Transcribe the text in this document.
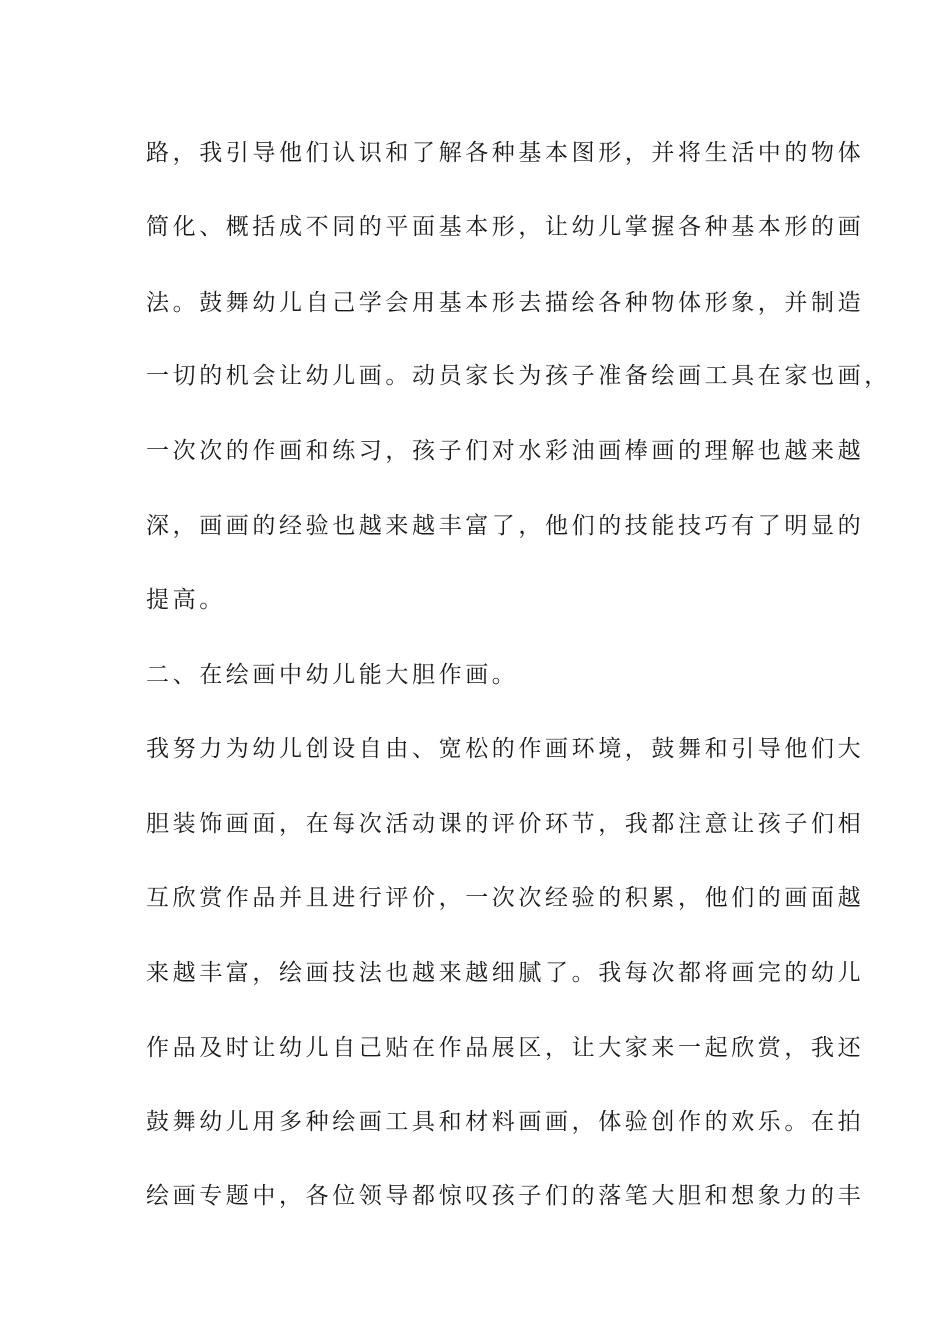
路，我引导他们认识和了解各种基本图形，并将生活中的物体
简化、概括成不同的平面基本形，让幼儿掌握各种基本形的画
法。鼓舞幼儿自己学会用基本形去描绘各种物体形象，并制造
一切的机会让幼儿画。动员家长为孩子准备绘画工具在家也画，
一次次的作画和练习，孩子们对水彩油画棒画的理解也越来越
深，画画的经验也越来越丰富了，他们的技能技巧有了明显的
提高。
二、在绘画中幼儿能大胆作画。
我努力为幼儿创设自由、宽松的作画环境，鼓舞和引导他们大
胆装饰画面，在每次活动课的评价环节，我都注意让孩子们相
互欣赏作品并且进行评价，一次次经验的积累，他们的画面越
来越丰富，绘画技法也越来越细腻了。我每次都将画完的幼儿
作品及时让幼儿自己贴在作品展区，让大家来一起欣赏，我还
鼓舞幼儿用多种绘画工具和材料画画，体验创作的欢乐。在拍
绘画专题中，各位领导都惊叹孩子们的落笔大胆和想象力的丰
